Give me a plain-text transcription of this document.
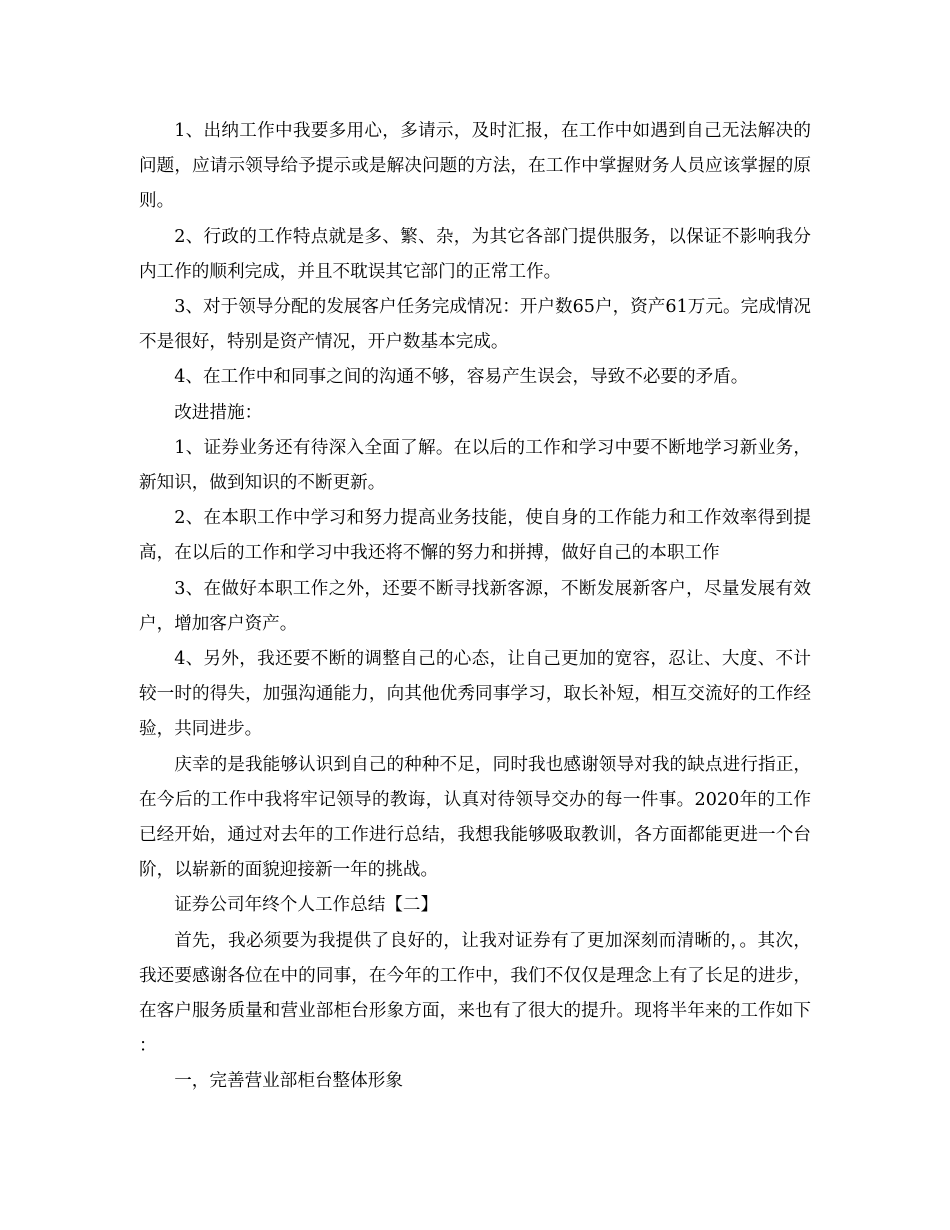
1、出纳工作中我要多用心，多请示，及时汇报，在工作中如遇到自己无法解决的问题，应请示领导给予提示或是解决问题的方法，在工作中掌握财务人员应该掌握的原则。

2、行政的工作特点就是多、繁、杂，为其它各部门提供服务，以保证不影响我分内工作的顺利完成，并且不耽误其它部门的正常工作。

3、对于领导分配的发展客户任务完成情况：开户数65户，资产61万元。完成情况不是很好，特别是资产情况，开户数基本完成。

4、在工作中和同事之间的沟通不够，容易产生误会，导致不必要的矛盾。

改进措施：

1、证券业务还有待深入全面了解。在以后的工作和学习中要不断地学习新业务，新知识，做到知识的不断更新。

2、在本职工作中学习和努力提高业务技能，使自身的工作能力和工作效率得到提高，在以后的工作和学习中我还将不懈的努力和拼搏，做好自己的本职工作

3、在做好本职工作之外，还要不断寻找新客源，不断发展新客户，尽量发展有效户，增加客户资产。

4、另外，我还要不断的调整自己的心态，让自己更加的宽容，忍让、大度、不计较一时的得失，加强沟通能力，向其他优秀同事学习，取长补短，相互交流好的工作经验，共同进步。

庆幸的是我能够认识到自己的种种不足，同时我也感谢领导对我的缺点进行指正，在今后的工作中我将牢记领导的教诲，认真对待领导交办的每一件事。2020年的工作已经开始，通过对去年的工作进行总结，我想我能够吸取教训，各方面都能更进一个台阶，以崭新的面貌迎接新一年的挑战。

证券公司年终个人工作总结【二】

首先，我必须要为我提供了良好的，让我对证券有了更加深刻而清晰的，。其次，我还要感谢各位在中的同事，在今年的工作中，我们不仅仅是理念上有了长足的进步，在客户服务质量和营业部柜台形象方面，来也有了很大的提升。现将半年来的工作如下：

一，完善营业部柜台整体形象
